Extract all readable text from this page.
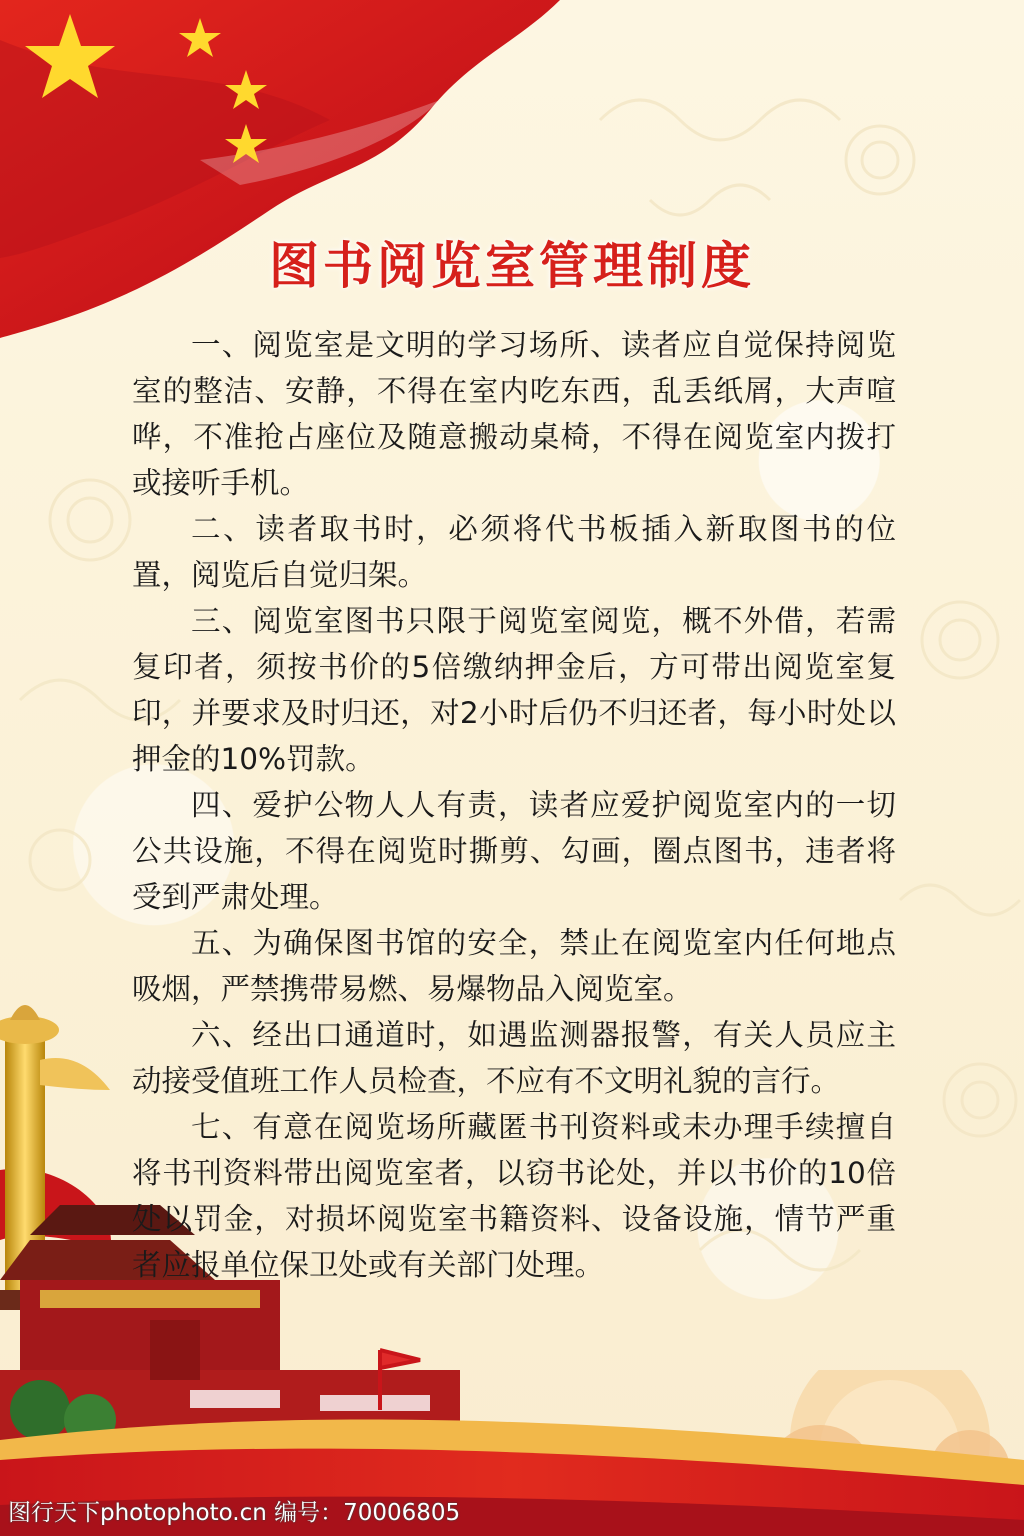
图书阅览室管理制度

一、阅览室是文明的学习场所、读者应自觉保持阅览室的整洁、安静，不得在室内吃东西，乱丢纸屑，大声喧哗，不准抢占座位及随意搬动桌椅，不得在阅览室内拨打或接听手机。

二、读者取书时，必须将代书板插入新取图书的位置，阅览后自觉归架。

三、阅览室图书只限于阅览室阅览，概不外借，若需复印者，须按书价的5倍缴纳押金后，方可带出阅览室复印，并要求及时归还，对2小时后仍不归还者，每小时处以押金的10%罚款。

四、爱护公物人人有责，读者应爱护阅览室内的一切公共设施，不得在阅览时撕剪、勾画，圈点图书，违者将受到严肃处理。

五、为确保图书馆的安全，禁止在阅览室内任何地点吸烟，严禁携带易燃、易爆物品入阅览室。

六、经出口通道时，如遇监测器报警，有关人员应主动接受值班工作人员检查，不应有不文明礼貌的言行。

七、有意在阅览场所藏匿书刊资料或未办理手续擅自将书刊资料带出阅览室者，以窃书论处，并以书价的10倍处以罚金，对损坏阅览室书籍资料、设备设施，情节严重者应报单位保卫处或有关部门处理。

图行天下photophoto.cn 编号：70006805
